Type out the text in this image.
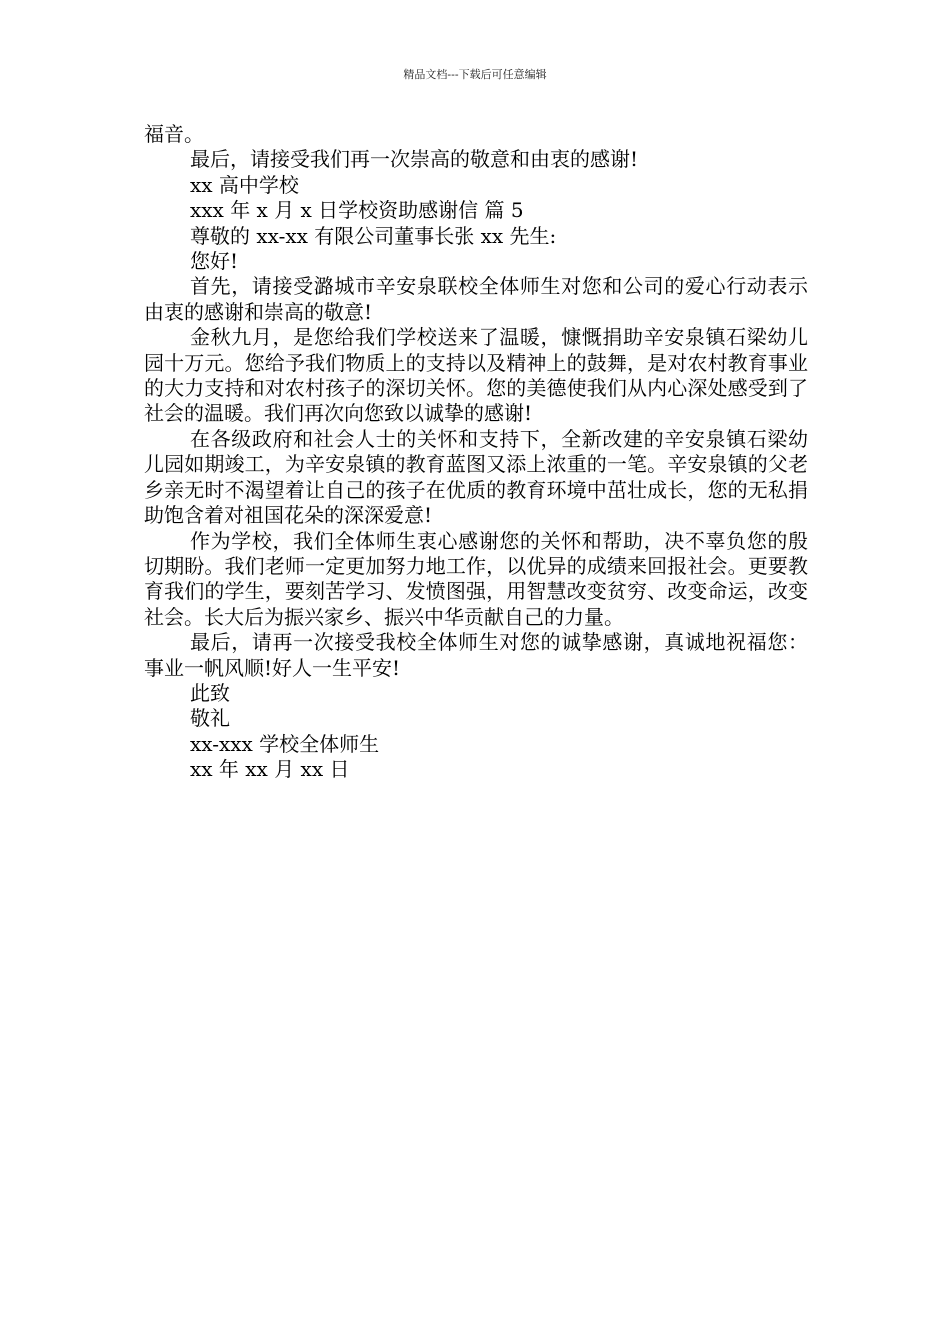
精品文档---下载后可任意编辑

福音。

最后，请接受我们再一次崇高的敬意和由衷的感谢!

xx 高中学校

xxx 年 x 月 x 日学校资助感谢信 篇 5

尊敬的 xx-xx 有限公司董事长张 xx 先生:

您好!

首先，请接受潞城市辛安泉联校全体师生对您和公司的爱心行动表示由衷的感谢和崇高的敬意!

金秋九月，是您给我们学校送来了温暖，慷慨捐助辛安泉镇石梁幼儿园十万元。您给予我们物质上的支持以及精神上的鼓舞，是对农村教育事业的大力支持和对农村孩子的深切关怀。您的美德使我们从内心深处感受到了社会的温暖。我们再次向您致以诚挚的感谢!

在各级政府和社会人士的关怀和支持下，全新改建的辛安泉镇石梁幼儿园如期竣工，为辛安泉镇的教育蓝图又添上浓重的一笔。辛安泉镇的父老乡亲无时不渴望着让自己的孩子在优质的教育环境中茁壮成长，您的无私捐助饱含着对祖国花朵的深深爱意!

作为学校，我们全体师生衷心感谢您的关怀和帮助，决不辜负您的殷切期盼。我们老师一定更加努力地工作，以优异的成绩来回报社会。更要教育我们的学生，要刻苦学习、发愤图强，用智慧改变贫穷、改变命运，改变社会。长大后为振兴家乡、振兴中华贡献自己的力量。

最后，请再一次接受我校全体师生对您的诚挚感谢，真诚地祝福您：事业一帆风顺!好人一生平安!

此致

敬礼

xx-xxx 学校全体师生

xx 年 xx 月 xx 日
